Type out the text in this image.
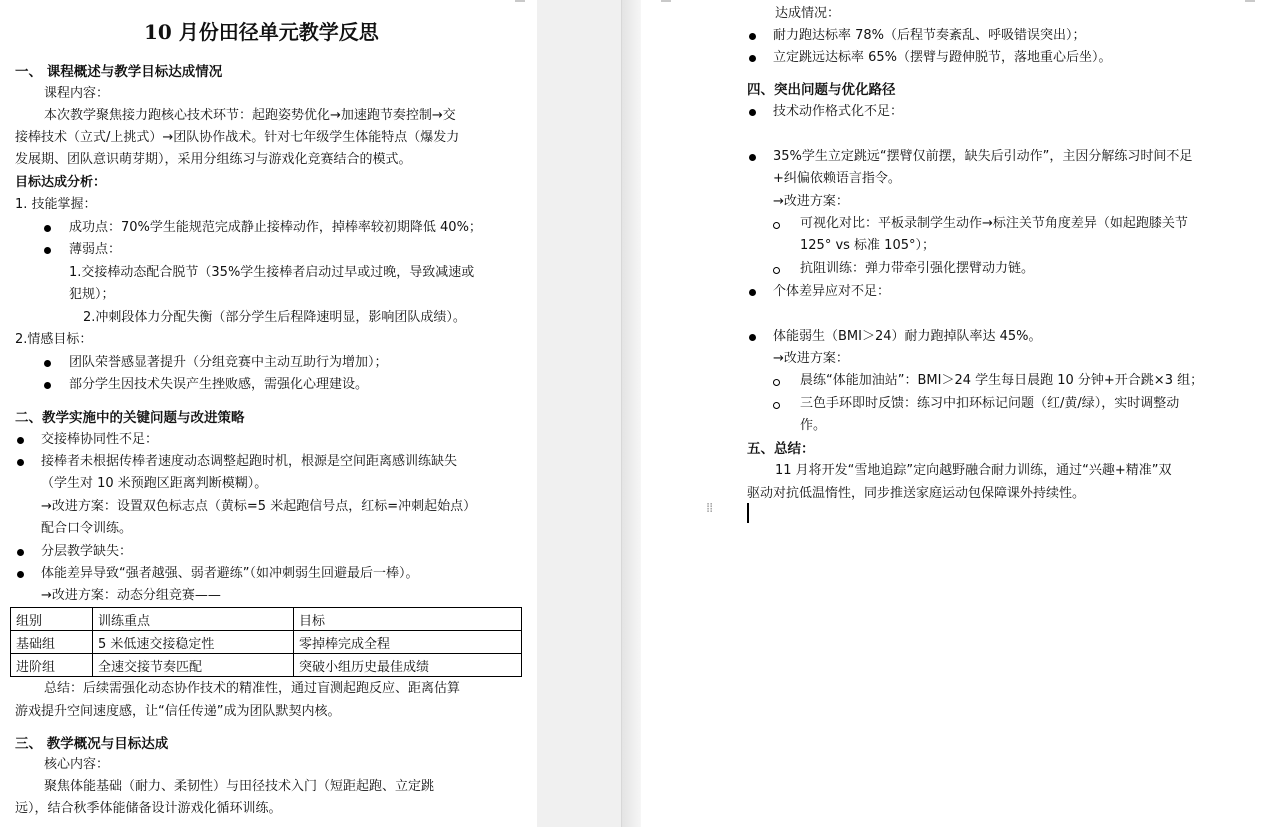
10 月份田径单元教学反思
一、 课程概述与教学目标达成情况
课程内容：
本次教学聚焦接力跑核心技术环节：起跑姿势优化→加速跑节奏控制→交
接棒技术（立式/上挑式）→团队协作战术。针对七年级学生体能特点（爆发力
发展期、团队意识萌芽期），采用分组练习与游戏化竞赛结合的模式。
目标达成分析：
1. 技能掌握：
成功点：70%学生能规范完成静止接棒动作，掉棒率较初期降低 40%；
薄弱点：
1.交接棒动态配合脱节（35%学生接棒者启动过早或过晚，导致减速或
犯规）；
2.冲刺段体力分配失衡（部分学生后程降速明显，影响团队成绩）。
2.情感目标：
团队荣誉感显著提升（分组竞赛中主动互助行为增加）；
部分学生因技术失误产生挫败感，需强化心理建设。
二、教学实施中的关键问题与改进策略
交接棒协同性不足：
接棒者未根据传棒者速度动态调整起跑时机，根源是空间距离感训练缺失
（学生对 10 米预跑区距离判断模糊）。
→改进方案：设置双色标志点（黄标=5 米起跑信号点，红标=冲刺起始点）
配合口令训练。
分层教学缺失：
体能差异导致“强者越强、弱者避练”（如冲刺弱生回避最后一棒）。
→改进方案：动态分组竞赛——
组别	训练重点	目标
基础组	5 米低速交接稳定性	零掉棒完成全程
进阶组	全速交接节奏匹配	突破小组历史最佳成绩
总结：后续需强化动态协作技术的精准性，通过盲测起跑反应、距离估算
游戏提升空间速度感，让“信任传递”成为团队默契内核。
三、 教学概况与目标达成
核心内容：
聚焦体能基础（耐力、柔韧性）与田径技术入门（短距起跑、立定跳
远），结合秋季体能储备设计游戏化循环训练。
达成情况：
耐力跑达标率 78%（后程节奏紊乱、呼吸错误突出）；
立定跳远达标率 65%（摆臂与蹬伸脱节，落地重心后坐）。
四、突出问题与优化路径
技术动作格式化不足：
35%学生立定跳远“摆臂仅前摆，缺失后引动作”，主因分解练习时间不足
+纠偏依赖语言指令。
→改进方案：
可视化对比：平板录制学生动作→标注关节角度差异（如起跑膝关节
125° vs 标准 105°）；
抗阻训练：弹力带牵引强化摆臂动力链。
个体差异应对不足：
体能弱生（BMI＞24）耐力跑掉队率达 45%。
→改进方案：
晨练“体能加油站”：BMI＞24 学生每日晨跑 10 分钟+开合跳×3 组；
三色手环即时反馈：练习中扣环标记问题（红/黄/绿），实时调整动
作。
五、总结：
11 月将开发“雪地追踪”定向越野融合耐力训练，通过“兴趣+精准”双
驱动对抗低温惰性，同步推送家庭运动包保障课外持续性。
⁞⁞
